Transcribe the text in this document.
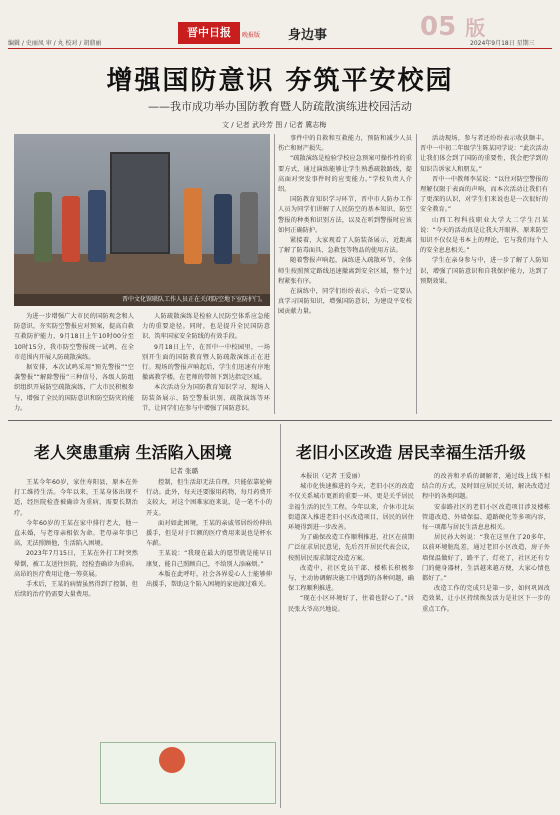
编辑 / 史丽凤 审 / 丸 校对 / 胡鼎丽
晋中日报	晚报版 身边事	05 版
2024年9月18日 星期三
增强国防意识 夯筑平安校园
——我市成功举办国防教育暨人防疏散演练进校园活动
文 / 记者 武玲芳 图 / 记者 冀志梅
晋中文化馆联队工作人员正在关闭防空地下室防护门。

为进一步增强广大市民的国防观念和人防意识，夯实防空警报应对预案，提高自救互救防护能力，9月18日上午10时00分至10时15分，我市防空警报统一试鸣，在全市范围内开展人防疏散演练。

据安排，本次试鸣采用“预先警报”“空袭警报”“解除警报”三种信号，各级人防组织组织开展防空疏散演练，广大市民积极参与，增强了全民的国防意识和防空防灾的能力。

人防疏散演练是检验人民防空体系应急能力的重要途径。同时，也是提升全民国防意识、筑牢国家安全防线的有效手段。

9月18日上午，在晋中一中校园里，一场别开生面的国防教育暨人防疏散演练正在进行。现场的警报声响起后，学生们迅速有序地撤离教学楼，在老师的带领下到达指定区域。

本次活动分为国防教育知识学习、现场人防装备展示、防空警报识别、疏散演练等环节，让同学们在参与中增强了国防意识。

事件中的自救和互救能力，预防和减少人员伤亡和财产损失。

“疏散演练是检验学校应急预案可操作性的重要方式，通过演练能够让学生熟悉疏散路线，提高面对突发事件时的应变能力。”学校负责人介绍。

国防教育知识学习环节，晋中市人防办工作人员为同学们讲解了人民防空的基本知识、防空警报的种类和识别方法，以及在听到警报时应该如何正确防护。

紧接着，大家观看了人防装备展示，近距离了解了防毒面具、急救包等物品的使用方法。

随着警报声响起，演练进入疏散环节，全体师生按照预定路线迅速撤离到安全区域，整个过程紧张有序。

在演练中，同学们纷纷表示，今后一定要认真学习国防知识，增强国防意识，为建设平安校园贡献力量。

活动现场，参与者还纷纷表示收获颇丰。晋中一中初二年级学生陈某同学说：“此次活动让我们体会到了国防的重要性，我会把学到的知识告诉家人和朋友。”

晋中一中教师李某说：“以往对防空警报的理解仅限于表面的声响，而本次活动让我们有了更深的认识，对学生们来说也是一次很好的安全教育。”

山西工程科技职业大学大二学生吕某说：“今天的活动真是让我大开眼界，原来防空知识不仅仅是书本上的理论，它与我们每个人的安全息息相关。”

学生在亲身参与中，进一步了解了人防知识，增强了国防意识和自我保护能力，达到了预期效果。

老人突患重病 生活陷入困境
记者 张璐

王某今年60岁，家住寿阳县，原本在外打工维持生活。今年以来，王某身体出现不适，经医院检查被确诊为重病，需要长期治疗。

今年60岁的王某在家中排行老大，他一直未婚，与老母亲相依为命。老母亲年事已高，无法照顾他，生活陷入困境。

2023年7月15日，王某在外打工时突然晕倒，被工友送往医院，经检查确诊为重病。高昂的医疗费用让他一筹莫展。

手术后，王某的病情虽然得到了控制，但后续的治疗仍需要大量费用。

控制，但生活却无法自理，只能依靠轮椅行动。此外，每天还要服用药物，每月药费开支较大，对这个困难家庭来说，是一笔不小的开支。

面对如此困境，王某的亲戚邻居纷纷伸出援手，但是对于巨额的医疗费用来说也是杯水车薪。

王某说：“我现在最大的愿望就是能早日康复，能自己照顾自己，不给别人添麻烦。”

本版在此呼吁，社会各界爱心人士能够伸出援手，帮助这个陷入困境的家庭渡过难关。

老旧小区改造 居民幸福生活升级

本报讯（记者 王爱丽）

城市化快速推进的今天，老旧小区的改造不仅关系城市更新的重要一环，更是关乎居民幸福生活的民生工程。今年以来，介休市北坛街道深入推进老旧小区改造项目，居民的居住环境得到进一步改善。

为了确保改造工作顺利推进，社区在前期广泛征求居民意见，先后召开居民代表会议，按照居民需求制定改造方案。

改造中，社区党员干部、楼栋长积极参与，主动协调解决施工中遇到的各种问题，确保工程顺利推进。

“现在小区环境好了，住着也舒心了。”居民张大爷高兴地说。

的改善和矛盾的调解者，通过线上线下相结合的方式，及时回应居民关切，解决改造过程中的各类问题。

安泰路社区的老旧小区改造项目涉及楼栋管道改造、外墙保温、道路硬化等多项内容，每一项都与居民生活息息相关。

居民孙大妈说：“我在这里住了20多年，以前环境脏乱差，通过老旧小区改造，房子外墙保温做好了，路平了，灯亮了，社区还有专门的健身器材，生活越来越方便，大家心情也都好了。”

改造工作的完成只是第一步，如何巩固改造效果，让小区持续焕发活力是社区下一步的重点工作。
